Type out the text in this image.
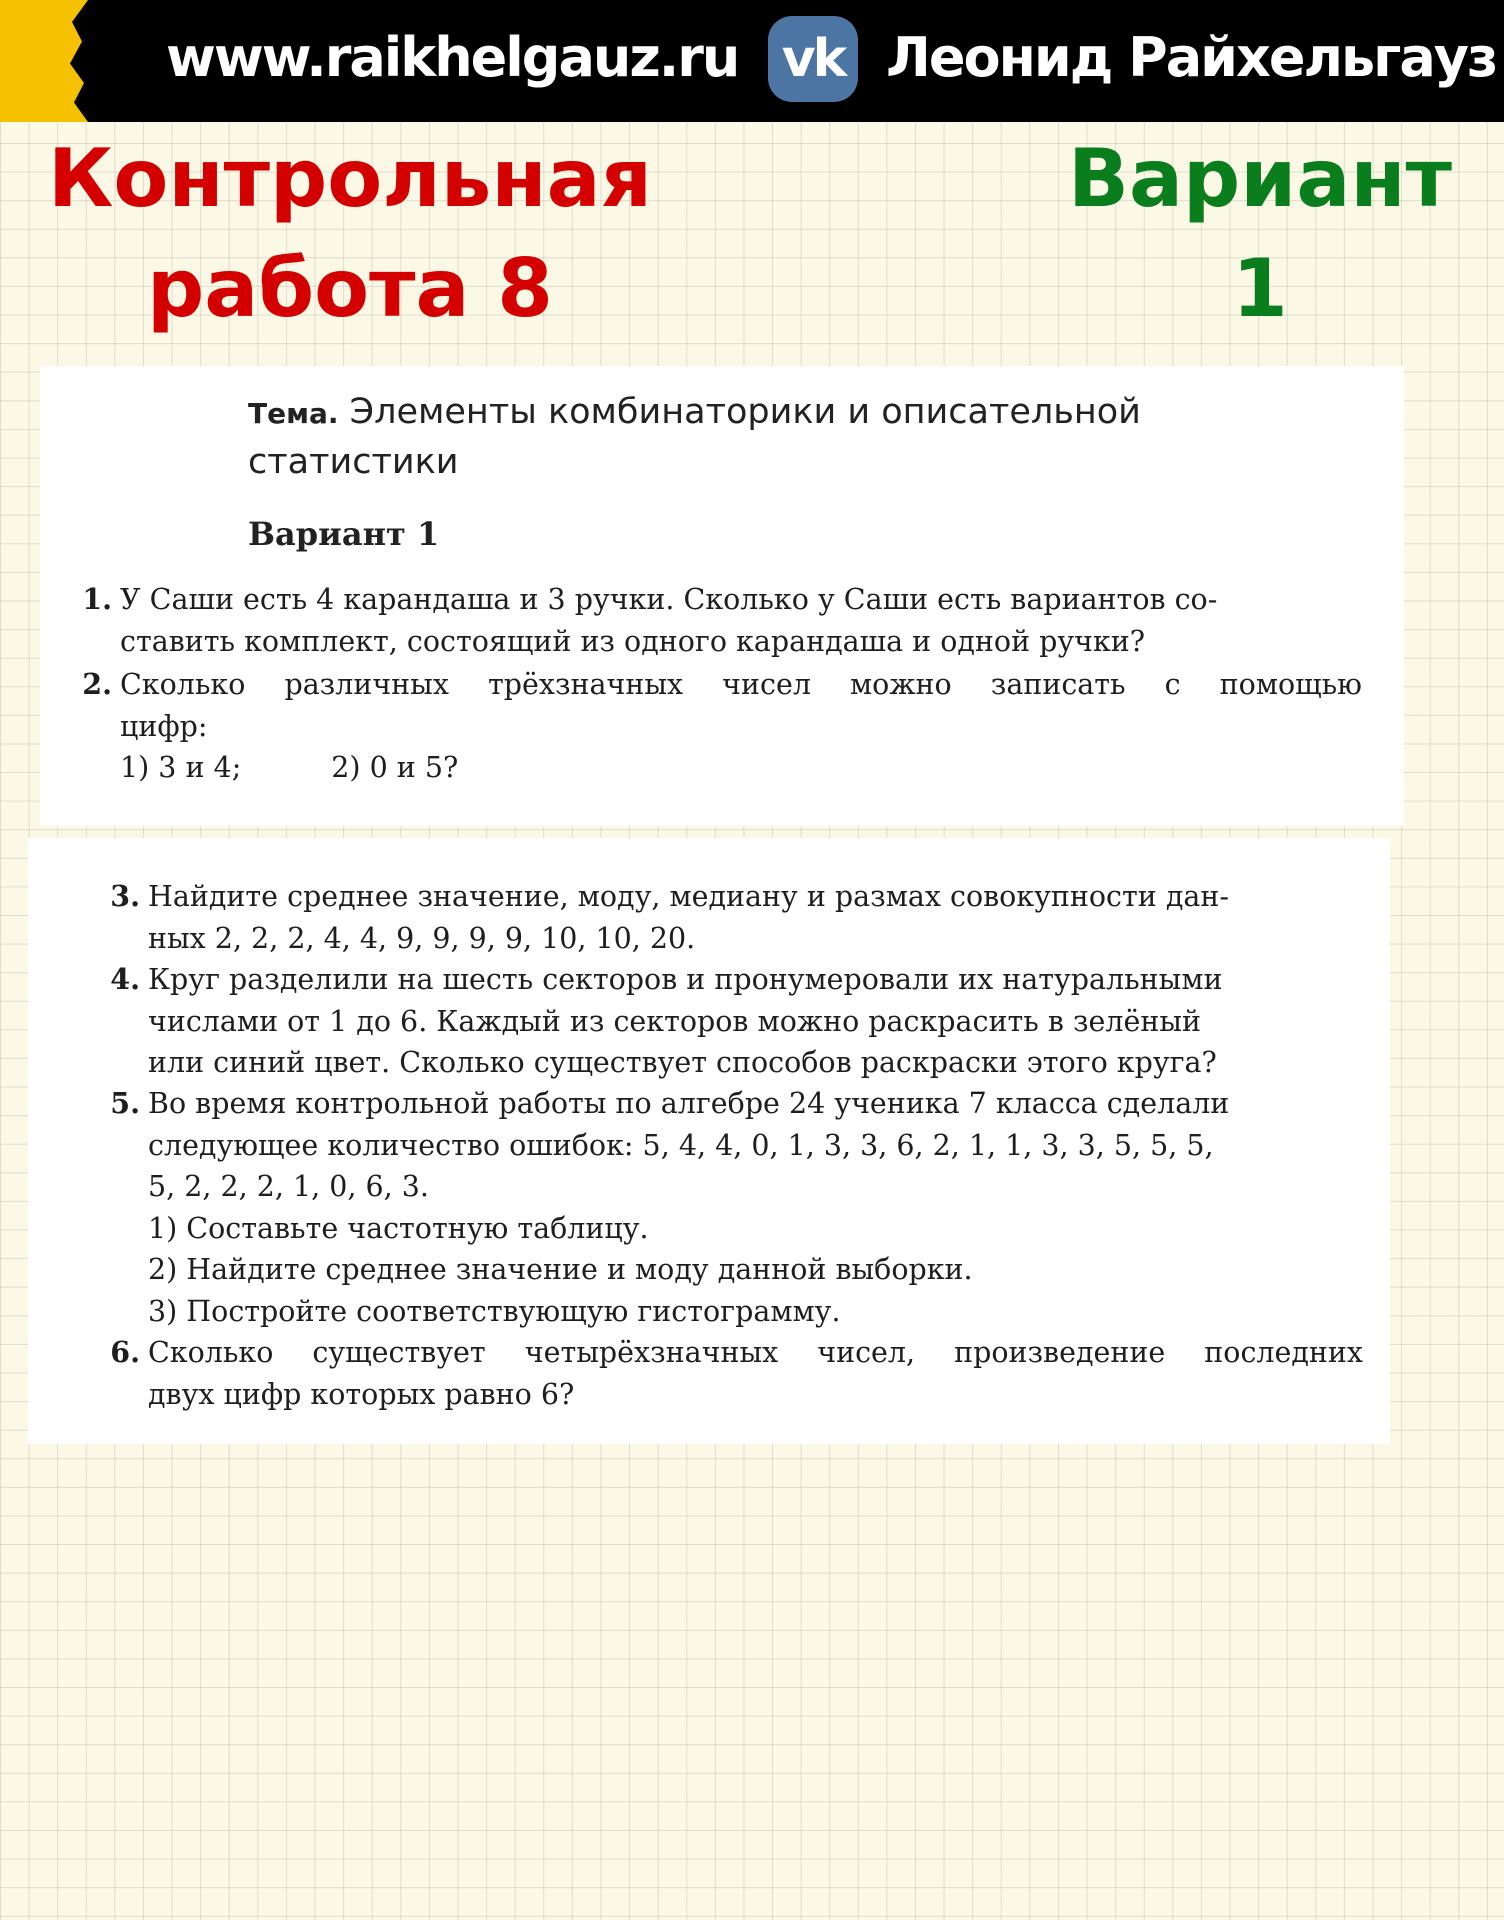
www.raikhelgauz.ru vk Леонид Райхельгауз
Контрольная
работа 8
Вариант
1
Тема. Элементы комбинаторики и описательной
статистики
Вариант 1
1. У Саши есть 4 карандаша и 3 ручки. Сколько у Саши есть вариантов со-
ставить комплект, состоящий из одного карандаша и одной ручки?
2. Сколько различных трёхзначных чисел можно записать с помощью
цифр:
1) 3 и 4;	2) 0 и 5?
3. Найдите среднее значение, моду, медиану и размах совокупности дан-
ных 2, 2, 2, 4, 4, 9, 9, 9, 9, 10, 10, 20.
4. Круг разделили на шесть секторов и пронумеровали их натуральными
числами от 1 до 6. Каждый из секторов можно раскрасить в зелёный
или синий цвет. Сколько существует способов раскраски этого круга?
5. Во время контрольной работы по алгебре 24 ученика 7 класса сделали
следующее количество ошибок: 5, 4, 4, 0, 1, 3, 3, 6, 2, 1, 1, 3, 3, 5, 5, 5,
5, 2, 2, 2, 1, 0, 6, 3.
1) Составьте частотную таблицу.
2) Найдите среднее значение и моду данной выборки.
3) Постройте соответствующую гистограмму.
6. Сколько существует четырёхзначных чисел, произведение последних
двух цифр которых равно 6?
